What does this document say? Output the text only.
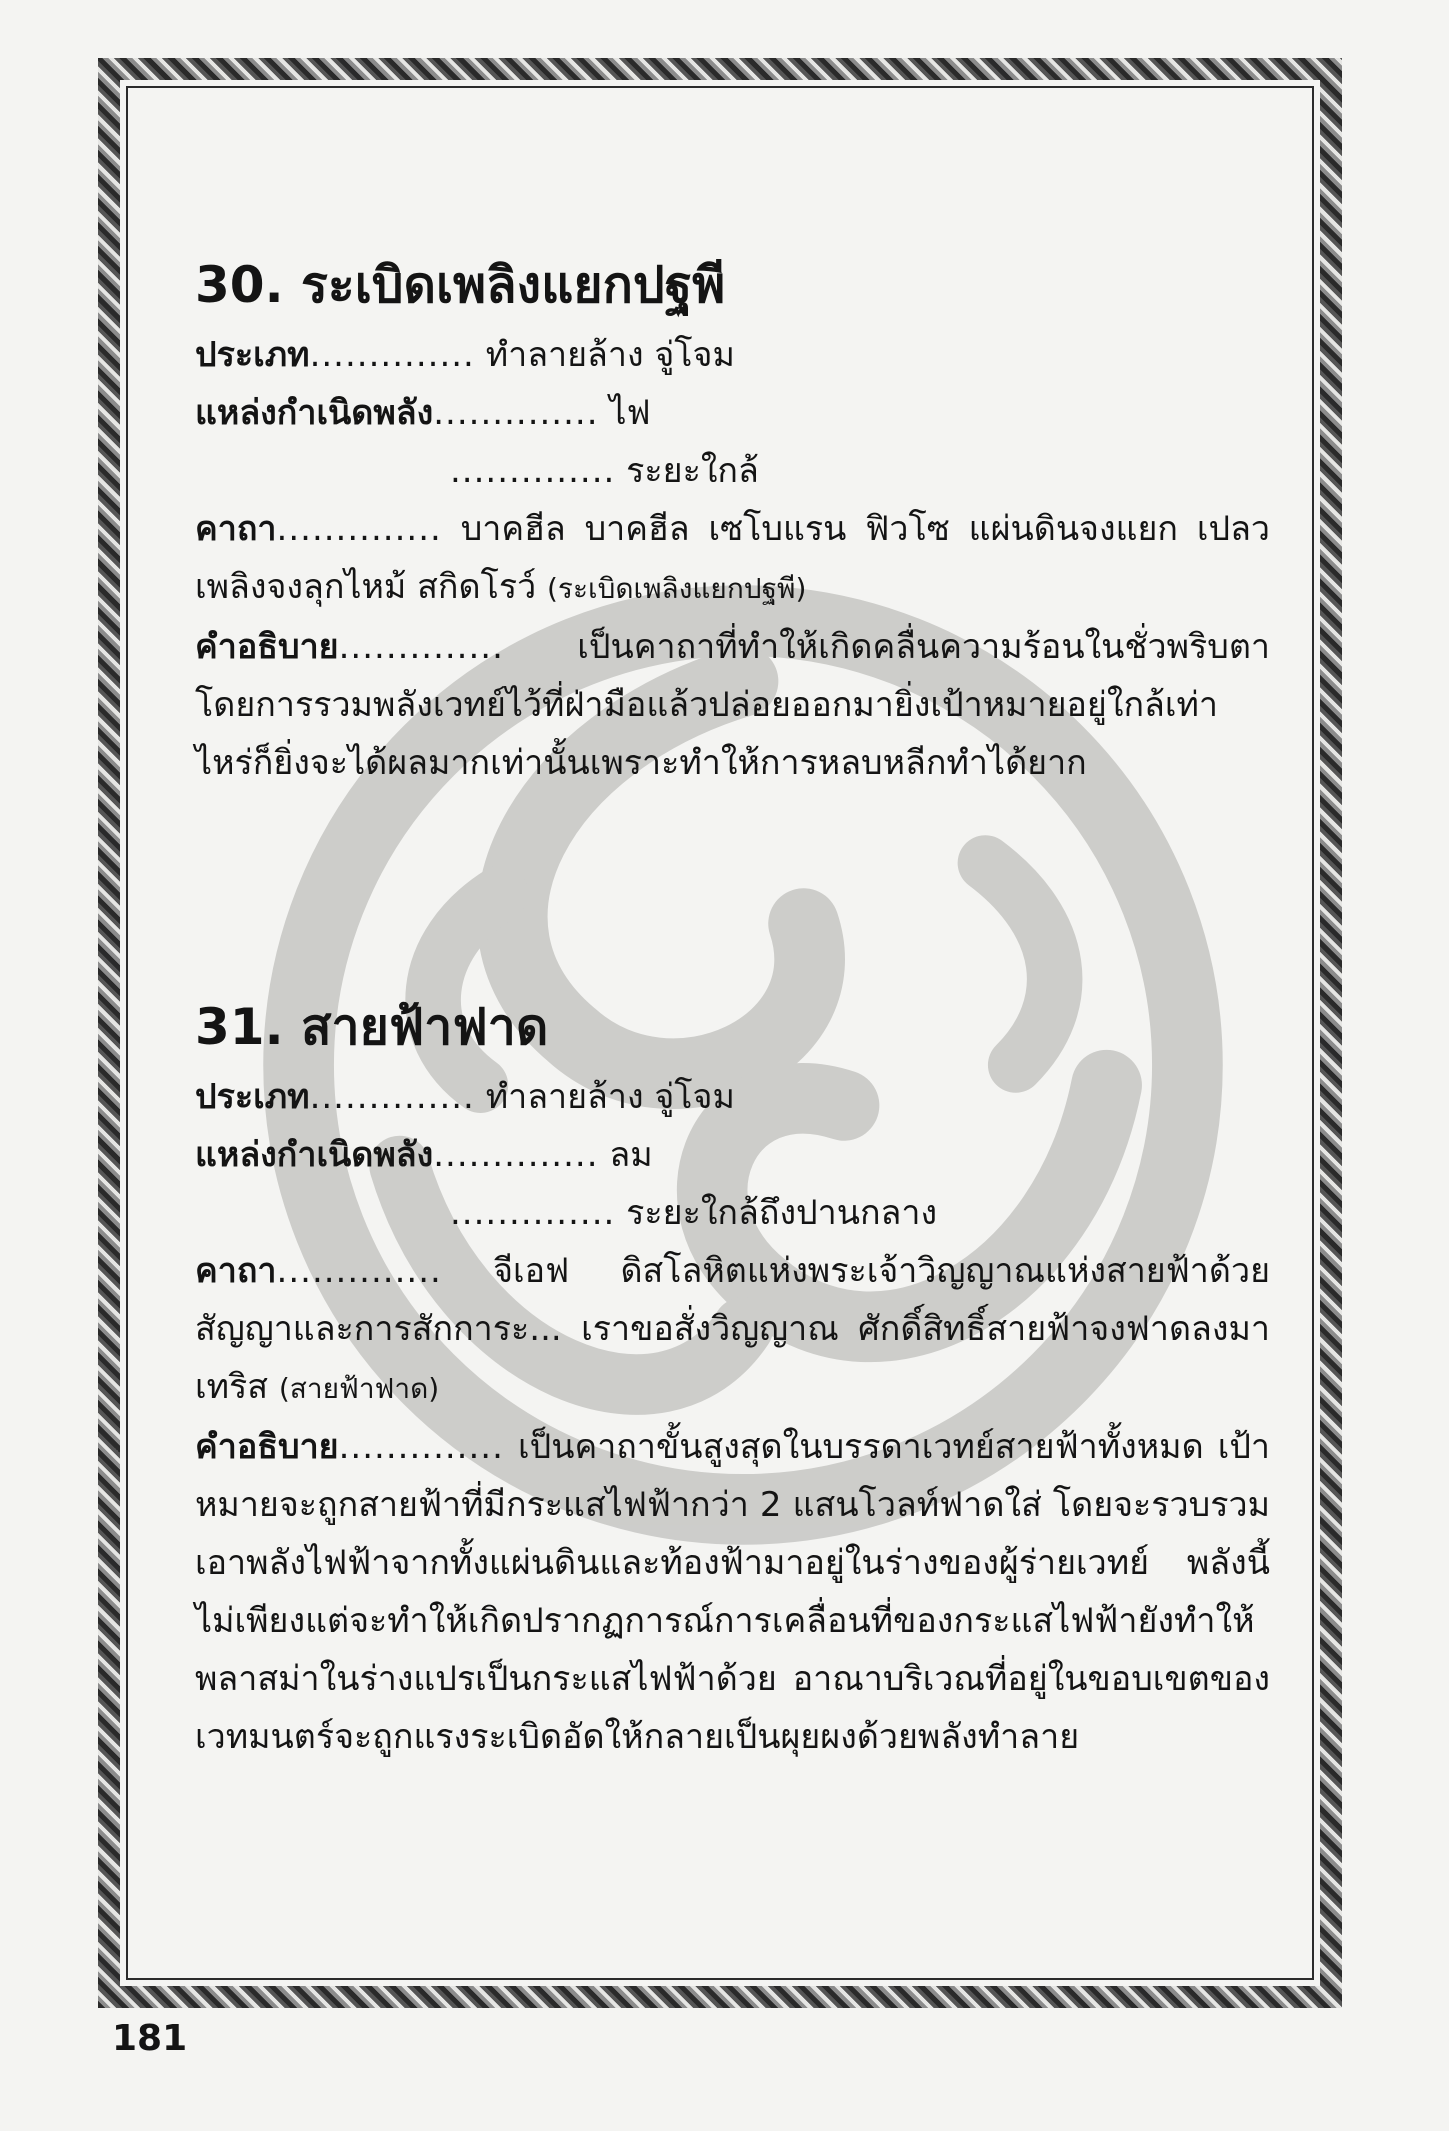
30. ระเบิดเพลิงแยกปฐพี
ประเภท.............. ทำลายล้าง จู่โจม
แหล่งกำเนิดพลัง.............. ไฟ
.............. ระยะใกล้

คาถา.............. บาคฮีล บาคฮีล เซโบแรน ฟิวโซ แผ่นดินจงแยก เปลวเพลิงจงลุกไหม้ สกิดโรว์ (ระเบิดเพลิงแยกปฐพี)

คำอธิบาย.............. เป็นคาถาที่ทำให้เกิดคลื่นความร้อนในชั่วพริบตา โดยการรวมพลังเวทย์ไว้ที่ฝ่ามือแล้วปล่อยออกมายิ่งเป้าหมายอยู่ใกล้เท่าไหร่ก็ยิ่งจะได้ผลมากเท่านั้นเพราะทำให้การหลบหลีกทำได้ยาก

31. สายฟ้าฟาด
ประเภท.............. ทำลายล้าง จู่โจม
แหล่งกำเนิดพลัง.............. ลม
.............. ระยะใกล้ถึงปานกลาง

คาถา.............. จีเอฟ ดิสโลหิตแห่งพระเจ้าวิญญาณแห่งสายฟ้าด้วยสัญญาและการสักการะ... เราขอสั่งวิญญาณ ศักดิ์สิทธิ์สายฟ้าจงฟาดลงมา เทริส (สายฟ้าฟาด)

คำอธิบาย.............. เป็นคาถาขั้นสูงสุดในบรรดาเวทย์สายฟ้าทั้งหมด เป้าหมายจะถูกสายฟ้าที่มีกระแสไฟฟ้ากว่า 2 แสนโวลท์ฟาดใส่ โดยจะรวบรวมเอาพลังไฟฟ้าจากทั้งแผ่นดินและท้องฟ้ามาอยู่ในร่างของผู้ร่ายเวทย์ พลังนี้ไม่เพียงแต่จะทำให้เกิดปรากฏการณ์การเคลื่อนที่ของกระแสไฟฟ้ายังทำให้พลาสม่าในร่างแปรเป็นกระแสไฟฟ้าด้วย อาณาบริเวณที่อยู่ในขอบเขตของเวทมนตร์จะถูกแรงระเบิดอัดให้กลายเป็นผุยผงด้วยพลังทำลาย

181
